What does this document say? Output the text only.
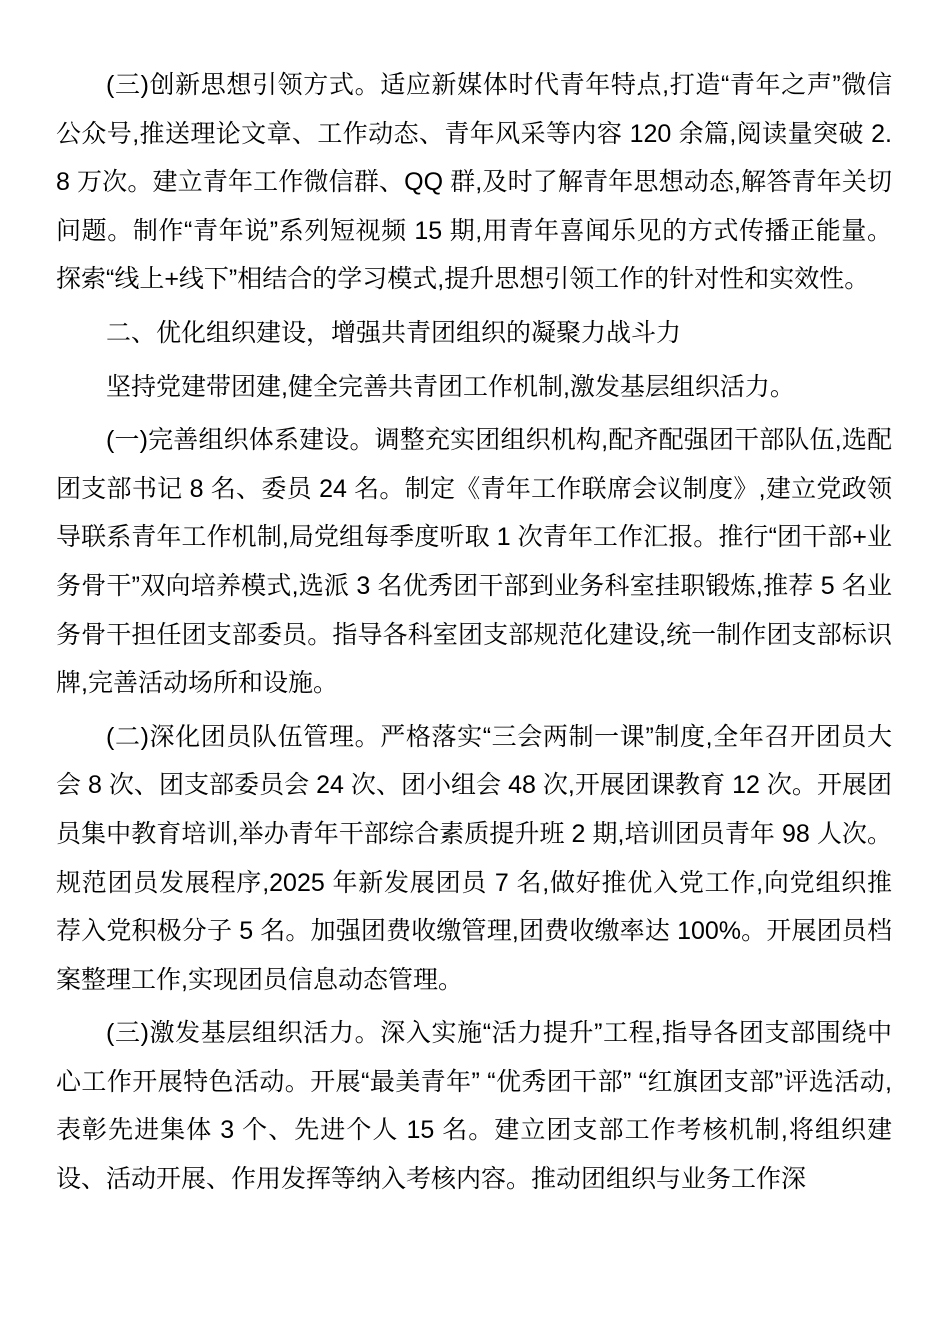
(三)创新思想引领方式。适应新媒体时代青年特点,打造“青年之声”微信公众号,推送理论文章、工作动态、青年风采等内容 120 余篇,阅读量突破 2.8 万次。建立青年工作微信群、QQ 群,及时了解青年思想动态,解答青年关切问题。制作“青年说”系列短视频 15 期,用青年喜闻乐见的方式传播正能量。探索“线上+线下”相结合的学习模式,提升思想引领工作的针对性和实效性。

二、优化组织建设，增强共青团组织的凝聚力战斗力

坚持党建带团建,健全完善共青团工作机制,激发基层组织活力。

(一)完善组织体系建设。调整充实团组织机构,配齐配强团干部队伍,选配团支部书记 8 名、委员 24 名。制定《青年工作联席会议制度》,建立党政领导联系青年工作机制,局党组每季度听取 1 次青年工作汇报。推行“团干部+业务骨干”双向培养模式,选派 3 名优秀团干部到业务科室挂职锻炼,推荐 5 名业务骨干担任团支部委员。指导各科室团支部规范化建设,统一制作团支部标识牌,完善活动场所和设施。

(二)深化团员队伍管理。严格落实“三会两制一课”制度,全年召开团员大会 8 次、团支部委员会 24 次、团小组会 48 次,开展团课教育 12 次。开展团员集中教育培训,举办青年干部综合素质提升班 2 期,培训团员青年 98 人次。规范团员发展程序,2025 年新发展团员 7 名,做好推优入党工作,向党组织推荐入党积极分子 5 名。加强团费收缴管理,团费收缴率达 100%。开展团员档案整理工作,实现团员信息动态管理。

(三)激发基层组织活力。深入实施“活力提升”工程,指导各团支部围绕中心工作开展特色活动。开展“最美青年” “优秀团干部” “红旗团支部”评选活动,表彰先进集体 3 个、先进个人 15 名。建立团支部工作考核机制,将组织建设、活动开展、作用发挥等纳入考核内容。推动团组织与业务工作深
